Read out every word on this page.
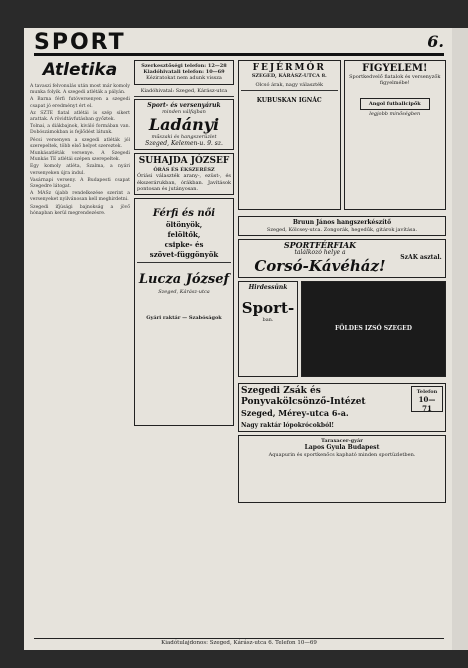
SPORT	6.
Atletika

A tavaszi felvonulás után most már komoly munka folyik. A szegedi atléták a pályán.

A Barna férfi futóversenyen a szegedi csapat jó eredményt ért el.

Az SZTE fiatal atlétái is szép sikert arattak. A rövidtávfutásban győztek.

Tolnai, a diákbajnok, kiváló formában van. Dobószámokban is fejlődést látunk.

Pécsi versenyen a szegedi atléták jól szerepeltek, több első helyet szereztek.

Munkásatléták versenye. A Szegedi Munkás TE atlétái szépen szerepeltek.

Egy komoly atléta, Szalma, a nyári versenyeken újra indul.

Vasárnapi verseny. A Budapesti csapat Szegedre látogat.

A MASz újabb rendelkezése szerint a versenyeket nyilvánosan kell meghirdetni.

Szegedi ifjúsági bajnokság a jövő hónapban kerül megrendezésre.

Szerkesztőségi telefon: 12—28
Kiadóhivatali telefon: 10—69
Kéziratokat nem adunk vissza
Kiadóhivatal: Szeged, Kárász-utca
Sport- és versenyáruk
minden válfajban
Ladányi
műszaki és hangszerüzlet
Szeged, Kelemen-u. 9. sz.
SUHAJDA JÓZSEF
ÓRÁS ÉS ÉKSZERÉSZ
Óriási választék arany-, ezüst-, és ékszerárukban, órákban. Javítások pontosan és jutányosan.
Férfi és női
öltönyök,
felöltők,
csipke- és
szövet-függönyök
Lucza József
Szeged, Kárász-utca
Gyári raktár — Szabóságok
FEJÉRMÓR
SZEGED, KÁRÁSZ-UTCA 8.
Olcsó árak, nagy választék
KUBUSKAN IGNÁC
FIGYELEM!
Sportkedvelő fiatalok és versenyzők figyelmébe!
Angol futballcipők
legjobb minőségben
Bruun János hangszerkészítő
Szeged, Kölcsey-utca. Zongorák, hegedűk, gitárok javítása.
SPORTFÉRFIAK
találkozó helye a
Corsó-Kávéház!	SzAK asztal.
Hirdessünk
Sport-
ban.
FÖLDES IZSÓ SZEGED
Szegedi Zsák és Ponyvakölcsönző-Intézet
Szeged, Mérey-utca 6-a.
Nagy raktár lópokrócokból!
Telefon
10—71
Taraxacer-gyár
Lapos Gyula Budapest
Aquapurin és sportkenőcs kapható minden sportüzletben.
Kiadótulajdonos: Szeged, Kárász-utca 6. Telefon 10—69
